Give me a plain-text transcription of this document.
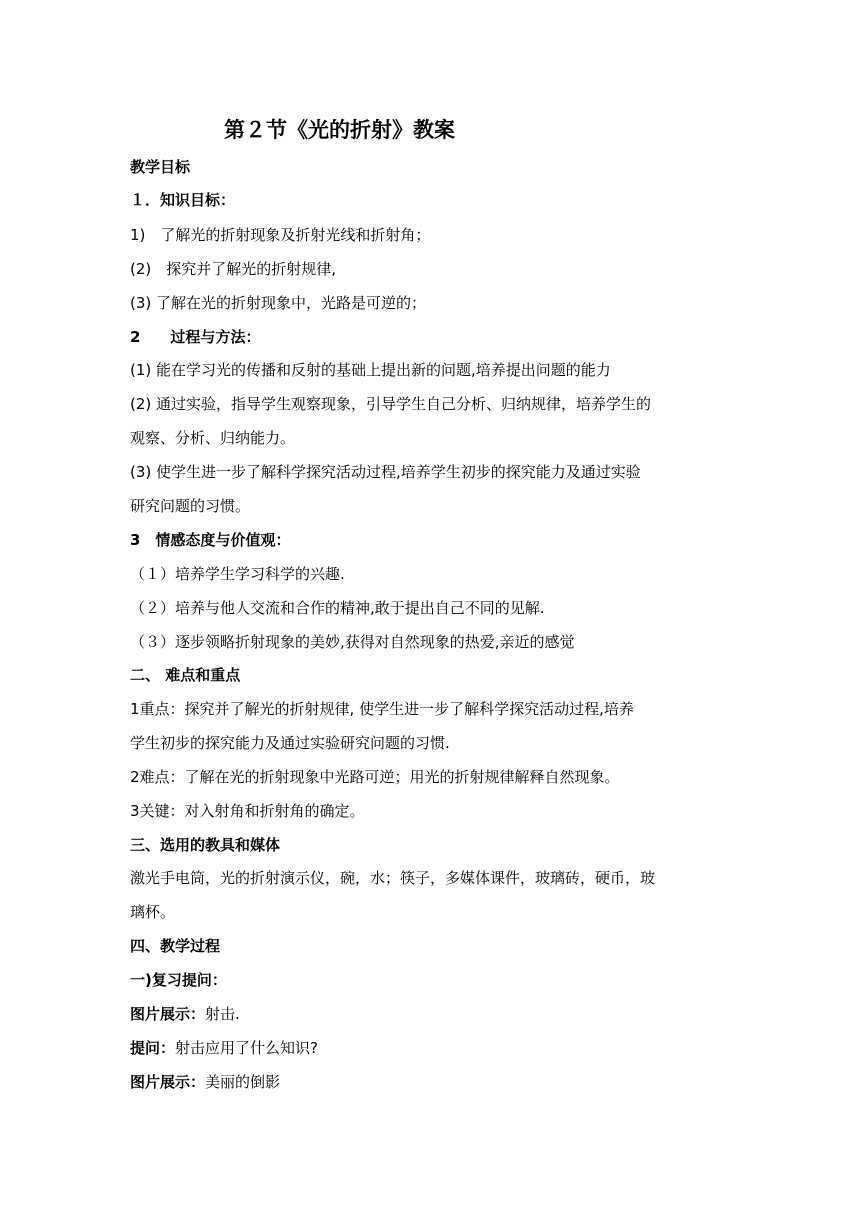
第２节《光的折射》教案
教学目标
１．知识目标：
1)　了解光的折射现象及折射光线和折射角；
(2)　探究并了解光的折射规律,
(3) 了解在光的折射现象中，光路是可逆的；
2　　过程与方法：
(1) 能在学习光的传播和反射的基础上提出新的问题,培养提出问题的能力
(2) 通过实验，指导学生观察现象，引导学生自己分析、归纳规律，培养学生的
观察、分析、归纳能力。
(3) 使学生进一步了解科学探究活动过程,培养学生初步的探究能力及通过实验
研究问题的习惯。
3　情感态度与价值观：
（１）培养学生学习科学的兴趣.
（２）培养与他人交流和合作的精神,敢于提出自己不同的见解.
（３）逐步领略折射现象的美妙,获得对自然现象的热爱,亲近的感觉
二、 难点和重点
1重点：探究并了解光的折射规律, 使学生进一步了解科学探究活动过程,培养
学生初步的探究能力及通过实验研究问题的习惯.
2难点：了解在光的折射现象中光路可逆；用光的折射规律解释自然现象。
3关键：对入射角和折射角的确定。
三、选用的教具和媒体
激光手电筒，光的折射演示仪，碗，水；筷子，多媒体课件，玻璃砖，硬币，玻
璃杯。
四、教学过程
一)复习提问：
图片展示：射击.
提问：射击应用了什么知识?
图片展示：美丽的倒影
